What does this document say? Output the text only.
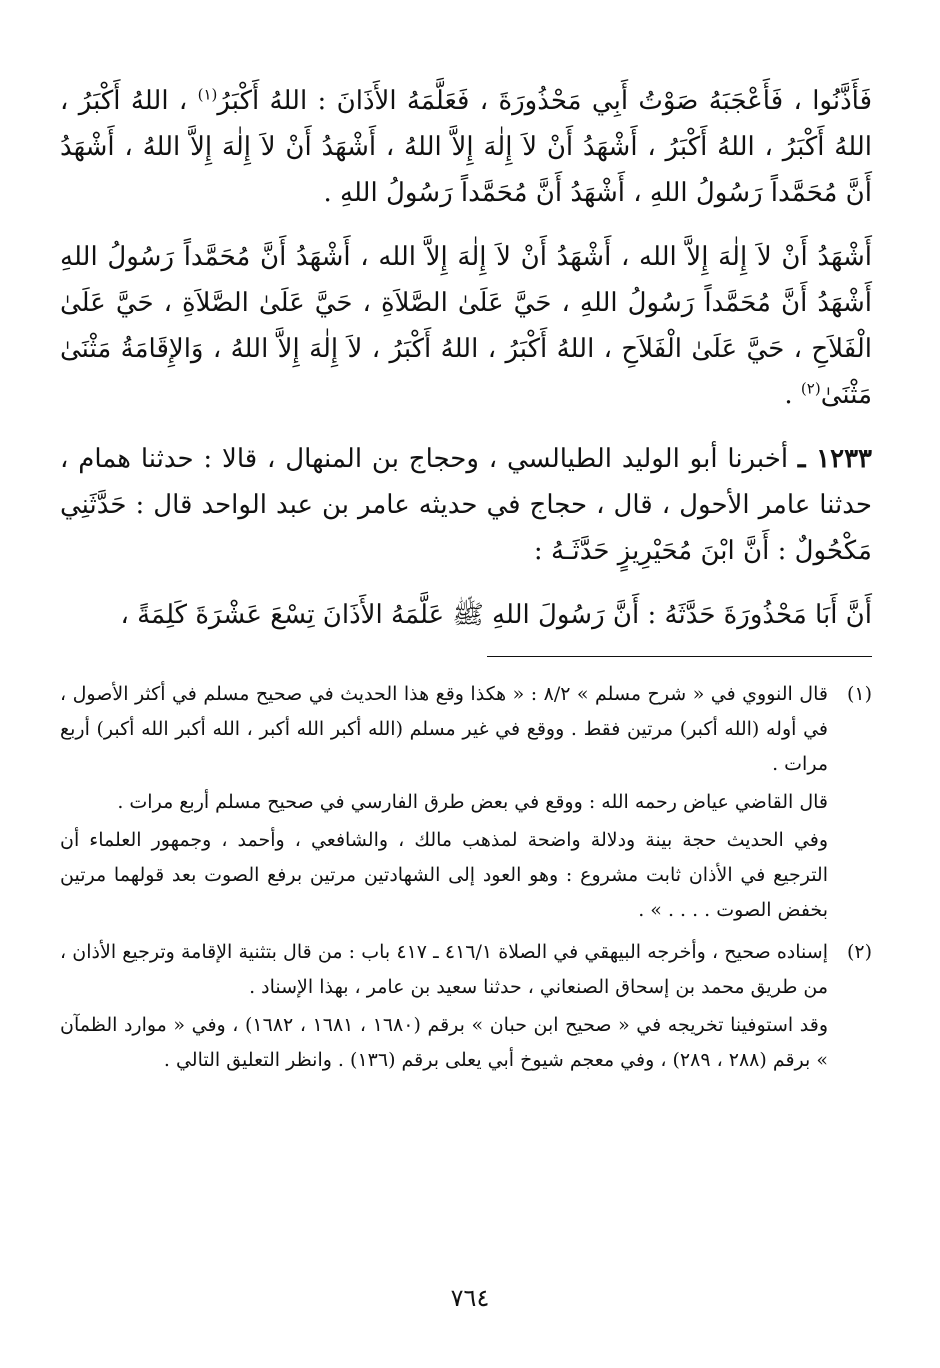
فَأَذَّنُوا ، فَأَعْجَبَهُ صَوْتُ أَبِي مَحْذُورَةَ ، فَعَلَّمَهُ الأَذَانَ : اللهُ أَكْبَرُ$^{(١)}$ ، اللهُ أَكْبَرُ ، اللهُ أَكْبَرُ ، اللهُ أَكْبَرُ ، أَشْهَدُ أَنْ لاَ إِلٰهَ إِلاَّ اللهُ ، أَشْهَدُ أَنْ لاَ إِلٰهَ إِلاَّ اللهُ ، أَشْهَدُ أَنَّ مُحَمَّداً رَسُولُ اللهِ ، أَشْهَدُ أَنَّ مُحَمَّداً رَسُولُ اللهِ .

أَشْهَدُ أَنْ لاَ إِلٰهَ إِلاَّ الله ، أَشْهَدُ أَنْ لاَ إِلٰهَ إِلاَّ الله ، أَشْهَدُ أَنَّ مُحَمَّداً رَسُولُ اللهِ أَشْهَدُ أَنَّ مُحَمَّداً رَسُولُ اللهِ ، حَيَّ عَلَىٰ الصَّلاَةِ ، حَيَّ عَلَىٰ الصَّلاَةِ ، حَيَّ عَلَىٰ الْفَلاَحِ ، حَيَّ عَلَىٰ الْفَلاَحِ ، اللهُ أَكْبَرُ ، اللهُ أَكْبَرُ ، لاَ إِلٰهَ إِلاَّ اللهُ ، وَالإِقَامَةُ مَثْنَىٰ مَثْنَىٰ$^{(٢)}$ .

١٢٣٣ ـ أخبرنا أبو الوليد الطيالسي ، وحجاج بن المنهال ، قالا : حدثنا همام ، حدثنا عامر الأحول ، قال ، حجاج في حديثه عامر بن عبد الواحد قال : حَدَّثَنِي مَكْحُولٌ : أَنَّ ابْنَ مُحَيْرِيزٍ حَدَّثَـهُ :

أَنَّ أَبَا مَحْذُورَةَ حَدَّثَهُ : أَنَّ رَسُولَ اللهِ ﷺ عَلَّمَهُ الأَذَانَ تِسْعَ عَشْرَةَ كَلِمَةً ،

(١)

قال النووي في « شرح مسلم » ٨/٢ : « هكذا وقع هذا الحديث في صحيح مسلم في أكثر الأصول ، في أوله (الله أكبر) مرتين فقط . ووقع في غير مسلم (الله أكبر الله أكبر ، الله أكبر الله أكبر) أربع مرات .

قال القاضي عياض رحمه الله : ووقع في بعض طرق الفارسي في صحيح مسلم أربع مرات .

وفي الحديث حجة بينة ودلالة واضحة لمذهب مالك ، والشافعي ، وأحمد ، وجمهور العلماء أن الترجيع في الأذان ثابت مشروع : وهو العود إلى الشهادتين مرتين برفع الصوت بعد قولهما مرتين بخفض الصوت . . . . » .

(٢)

إسناده صحيح ، وأخرجه البيهقي في الصلاة ٤١٦/١ ـ ٤١٧ باب : من قال بتثنية الإقامة وترجيع الأذان ، من طريق محمد بن إسحاق الصنعاني ، حدثنا سعيد بن عامر ، بهذا الإسناد .

وقد استوفينا تخريجه في « صحيح ابن حبان » برقم (١٦٨٠ ، ١٦٨١ ، ١٦٨٢) ، وفي « موارد الظمآن » برقم (٢٨٨ ، ٢٨٩) ، وفي معجم شيوخ أبي يعلى برقم (١٣٦) . وانظر التعليق التالي .

٧٦٤
